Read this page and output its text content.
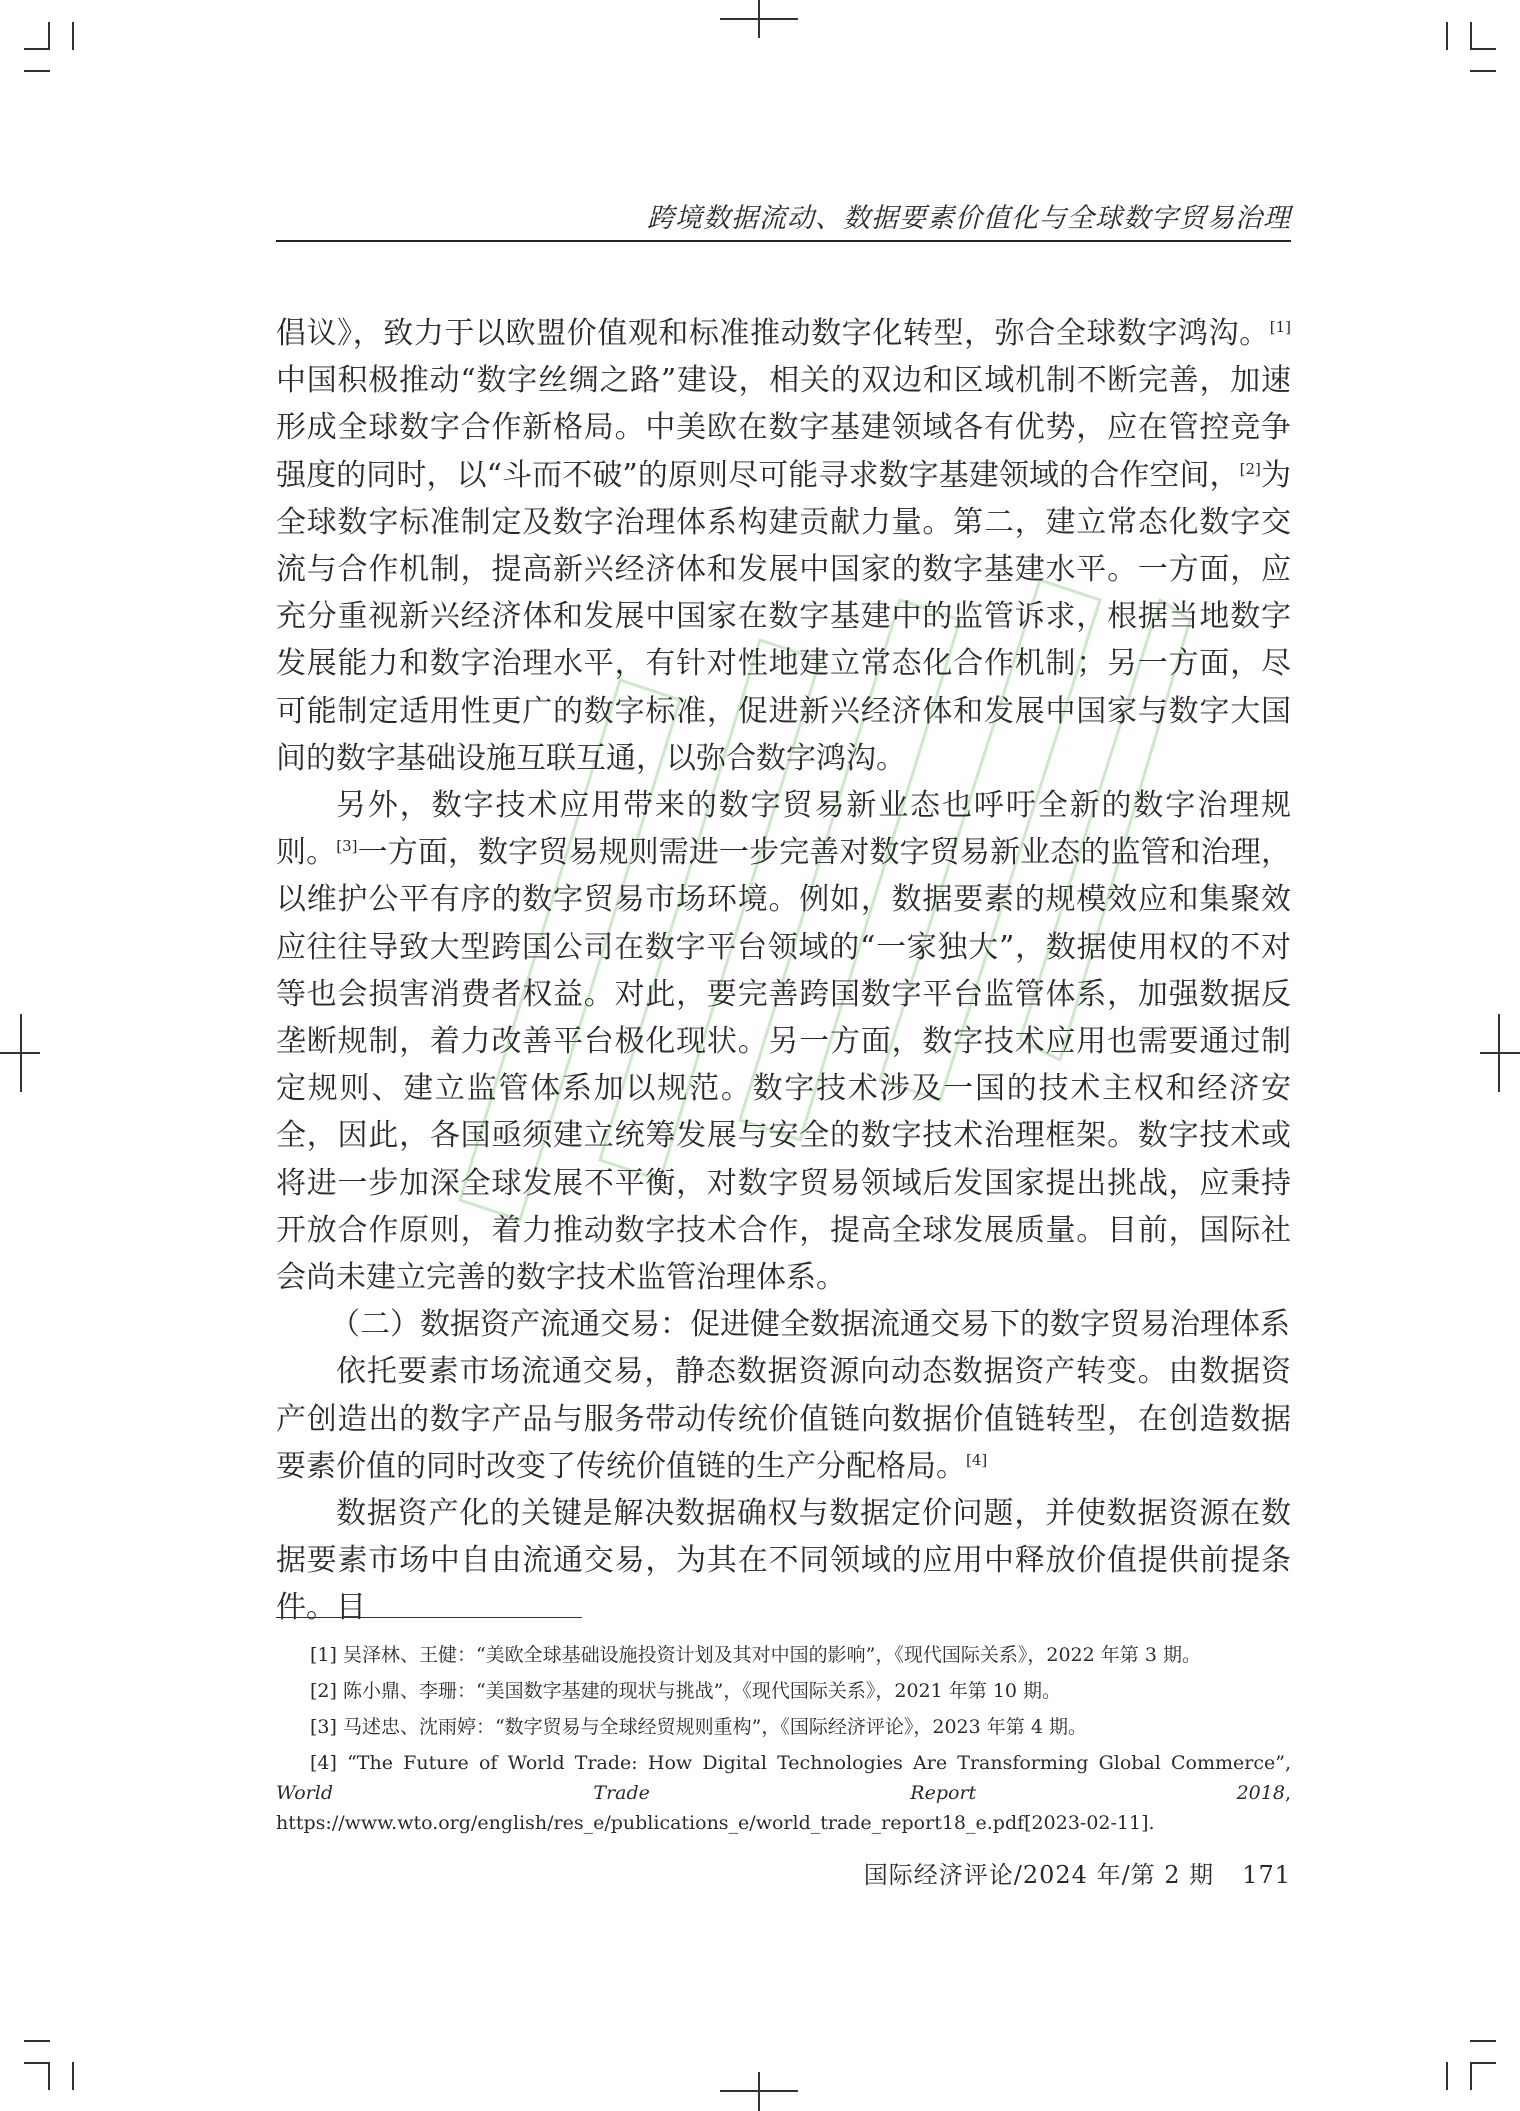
跨境数据流动、数据要素价值化与全球数字贸易治理

倡议》，致力于以欧盟价值观和标准推动数字化转型，弥合全球数字鸿沟。[1]中国积极推动“数字丝绸之路”建设，相关的双边和区域机制不断完善，加速形成全球数字合作新格局。中美欧在数字基建领域各有优势，应在管控竞争强度的同时，以“斗而不破”的原则尽可能寻求数字基建领域的合作空间，[2]为全球数字标准制定及数字治理体系构建贡献力量。第二，建立常态化数字交流与合作机制，提高新兴经济体和发展中国家的数字基建水平。一方面，应充分重视新兴经济体和发展中国家在数字基建中的监管诉求，根据当地数字发展能力和数字治理水平，有针对性地建立常态化合作机制；另一方面，尽可能制定适用性更广的数字标准，促进新兴经济体和发展中国家与数字大国间的数字基础设施互联互通，以弥合数字鸿沟。

另外，数字技术应用带来的数字贸易新业态也呼吁全新的数字治理规则。[3]一方面，数字贸易规则需进一步完善对数字贸易新业态的监管和治理，以维护公平有序的数字贸易市场环境。例如，数据要素的规模效应和集聚效应往往导致大型跨国公司在数字平台领域的“一家独大”，数据使用权的不对等也会损害消费者权益。对此，要完善跨国数字平台监管体系，加强数据反垄断规制，着力改善平台极化现状。另一方面，数字技术应用也需要通过制定规则、建立监管体系加以规范。数字技术涉及一国的技术主权和经济安全，因此，各国亟须建立统筹发展与安全的数字技术治理框架。数字技术或将进一步加深全球发展不平衡，对数字贸易领域后发国家提出挑战，应秉持开放合作原则，着力推动数字技术合作，提高全球发展质量。目前，国际社会尚未建立完善的数字技术监管治理体系。

（二）数据资产流通交易：促进健全数据流通交易下的数字贸易治理体系

依托要素市场流通交易，静态数据资源向动态数据资产转变。由数据资产创造出的数字产品与服务带动传统价值链向数据价值链转型，在创造数据要素价值的同时改变了传统价值链的生产分配格局。[4]

数据资产化的关键是解决数据确权与数据定价问题，并使数据资源在数据要素市场中自由流通交易，为其在不同领域的应用中释放价值提供前提条件。目

[1] 吴泽林、王健：“美欧全球基础设施投资计划及其对中国的影响”，《现代国际关系》，2022 年第 3 期。

[2] 陈小鼎、李珊：“美国数字基建的现状与挑战”，《现代国际关系》，2021 年第 10 期。

[3] 马述忠、沈雨婷：“数字贸易与全球经贸规则重构”，《国际经济评论》，2023 年第 4 期。

[4] “The Future of World Trade: How Digital Technologies Are Transforming Global Commerce”, World Trade Report 2018, https://www.wto.org/english/res_e/publications_e/world_trade_report18_e.pdf[2023-02-11].

国际经济评论/2024 年/第 2 期 171
